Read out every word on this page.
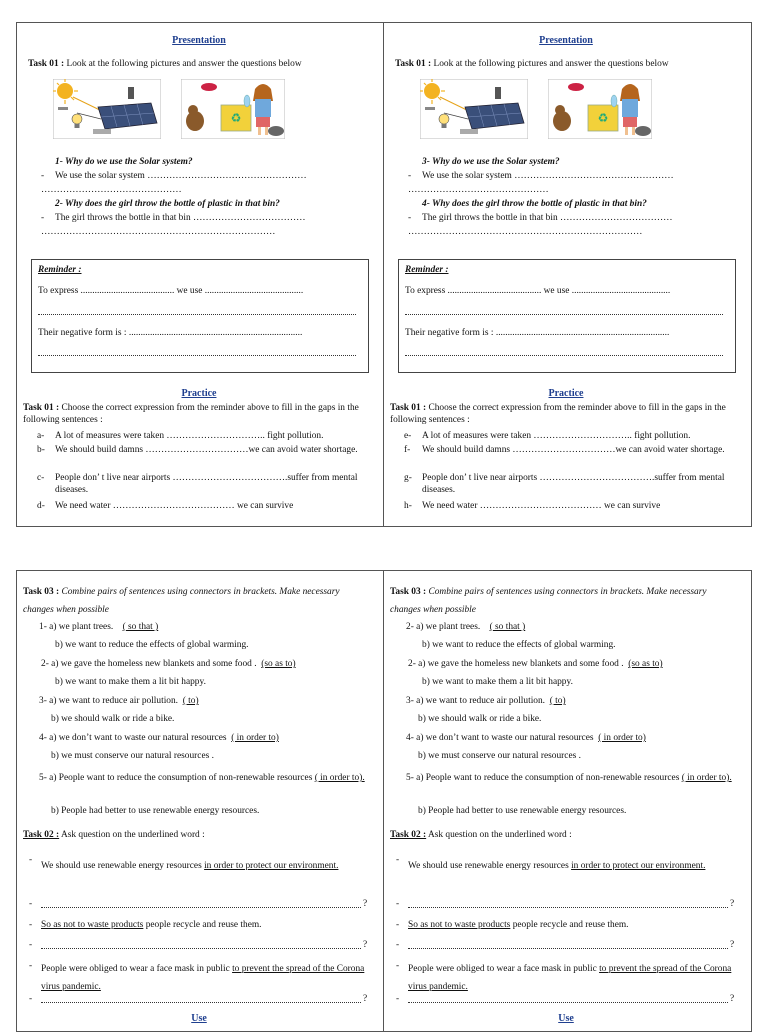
Presentation
Task 01 : Look at the following pictures and answer the questions below
♻
1- Why do we use the Solar system?
- We use the solar system ……………………………………………
………………………………………
2- Why does the girl throw the bottle of plastic in that bin?
- The girl throws the bottle in that bin ………………………………
…………………………………………………………………
Reminder :
To express ........................................ we use ..........................................
Their negative form is : ..........................................................................
Practice
Task 01 : Choose the correct expression from the reminder above to fill in the gaps in the following sentences :
a- A lot of measures were taken ………………………….. fight pollution.
b- We should build damns ……………………………we can avoid water shortage.
c- People don’ t live near airports ……………………………….suffer from mental diseases.
d- We need water ………………………………… we can survive
Presentation
Task 01 : Look at the following pictures and answer the questions below
♻
3- Why do we use the Solar system?
- We use the solar system ……………………………………………
………………………………………
4- Why does the girl throw the bottle of plastic in that bin?
- The girl throws the bottle in that bin ………………………………
…………………………………………………………………
Reminder :
To express ........................................ we use ..........................................
Their negative form is : ..........................................................................
Practice
Task 01 : Choose the correct expression from the reminder above to fill in the gaps in the following sentences :
e- A lot of measures were taken ………………………….. fight pollution.
f- We should build damns ……………………………we can avoid water shortage.
g- People don’ t live near airports ……………………………….suffer from mental diseases.
h- We need water ………………………………… we can survive
Task 03 : Combine pairs of sentences using connectors in brackets. Make necessary changes when possible
1- a) we plant trees. ( so that )
b) we want to reduce the effects of global warming.
2- a) we gave the homeless new blankets and some food . (so as to)
b) we want to make them a lit bit happy.
3- a) we want to reduce air pollution. ( to)
b) we should walk or ride a bike.
4- a) we don’t want to waste our natural resources ( in order to)
b) we must conserve our natural resources .
5- a) People want to reduce the consumption of non-renewable resources ( in order to).
b) People had better to use renewable energy resources.
Task 02 : Ask question on the underlined word :
-
We should use renewable energy resources in order to protect our environment.
-	?
- So as not to waste products people recycle and reuse them.
-	?
- People were obliged to wear a face mask in public to prevent the spread of the Corona virus pandemic.
-	?
Use
Task 03 : Combine pairs of sentences using connectors in brackets. Make necessary changes when possible
2- a) we plant trees. ( so that )
b) we want to reduce the effects of global warming.
2- a) we gave the homeless new blankets and some food . (so as to)
b) we want to make them a lit bit happy.
3- a) we want to reduce air pollution. ( to)
b) we should walk or ride a bike.
4- a) we don’t want to waste our natural resources ( in order to)
b) we must conserve our natural resources .
5- a) People want to reduce the consumption of non-renewable resources ( in order to).
b) People had better to use renewable energy resources.
Task 02 : Ask question on the underlined word :
-
We should use renewable energy resources in order to protect our environment.
-	?
- So as not to waste products people recycle and reuse them.
-	?
- People were obliged to wear a face mask in public to prevent the spread of the Corona virus pandemic.
-	?
Use
